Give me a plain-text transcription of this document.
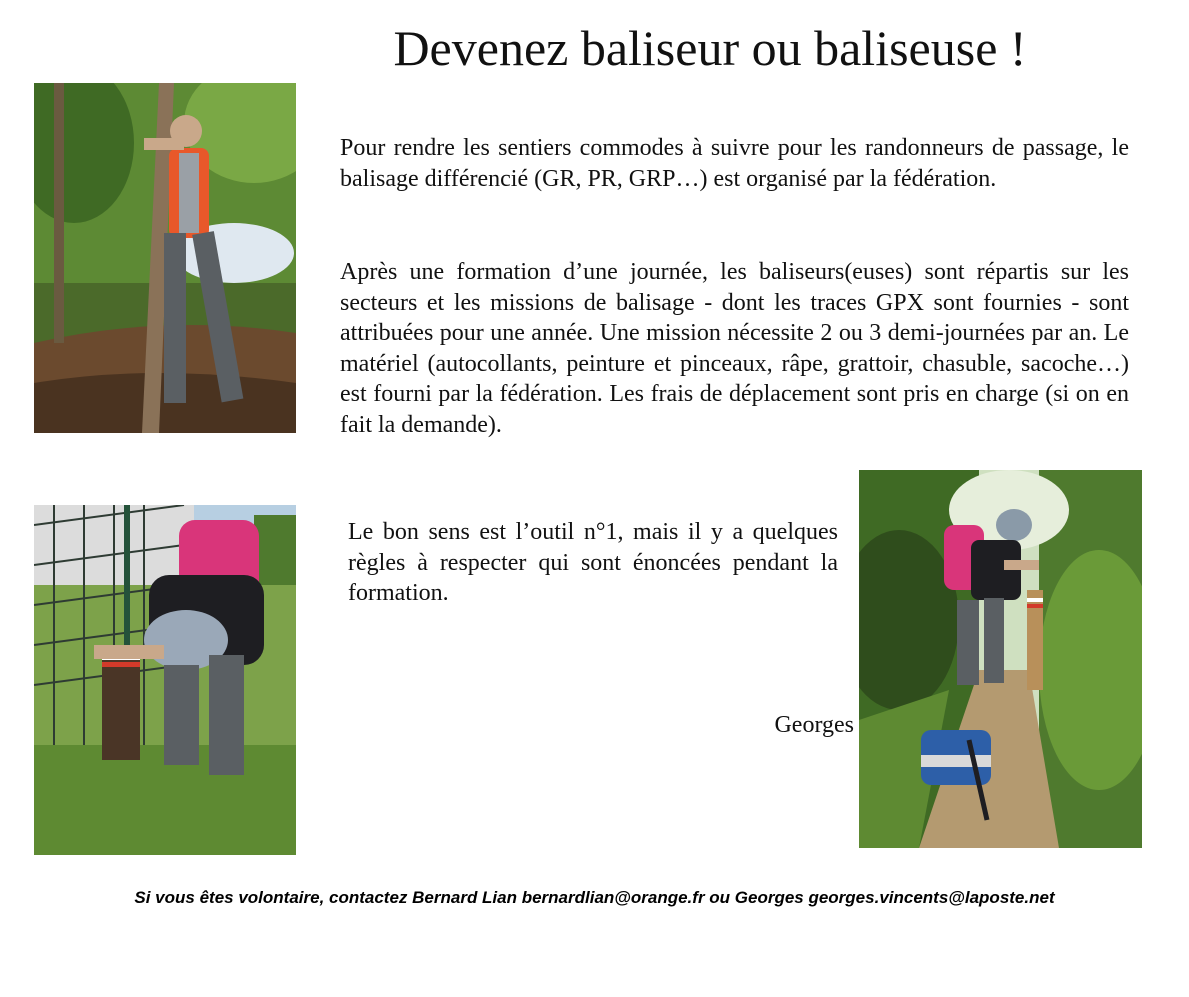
Devenez baliseur ou baliseuse !
Pour rendre les sentiers commodes à suivre pour les randonneurs de passage, le balisage différencié (GR, PR, GRP…) est organisé par la fédération.
Après une formation d’une journée, les baliseurs(euses) sont répartis sur les secteurs et les missions de balisage - dont les traces GPX sont fournies - sont attribuées pour une année. Une mission nécessite 2 ou 3 demi-journées par an. Le matériel (autocollants, peinture et pinceaux, râpe, grattoir, chasuble, sacoche…) est fourni par la fédération. Les frais de déplacement sont pris en charge (si on en fait la demande).
Le bon sens est l’outil n°1, mais il y a quelques règles à respecter qui sont énoncées pendant la formation.
Georges
Si vous êtes volontaire, contactez Bernard Lian bernardlian@orange.fr ou Georges georges.vincents@laposte.net
